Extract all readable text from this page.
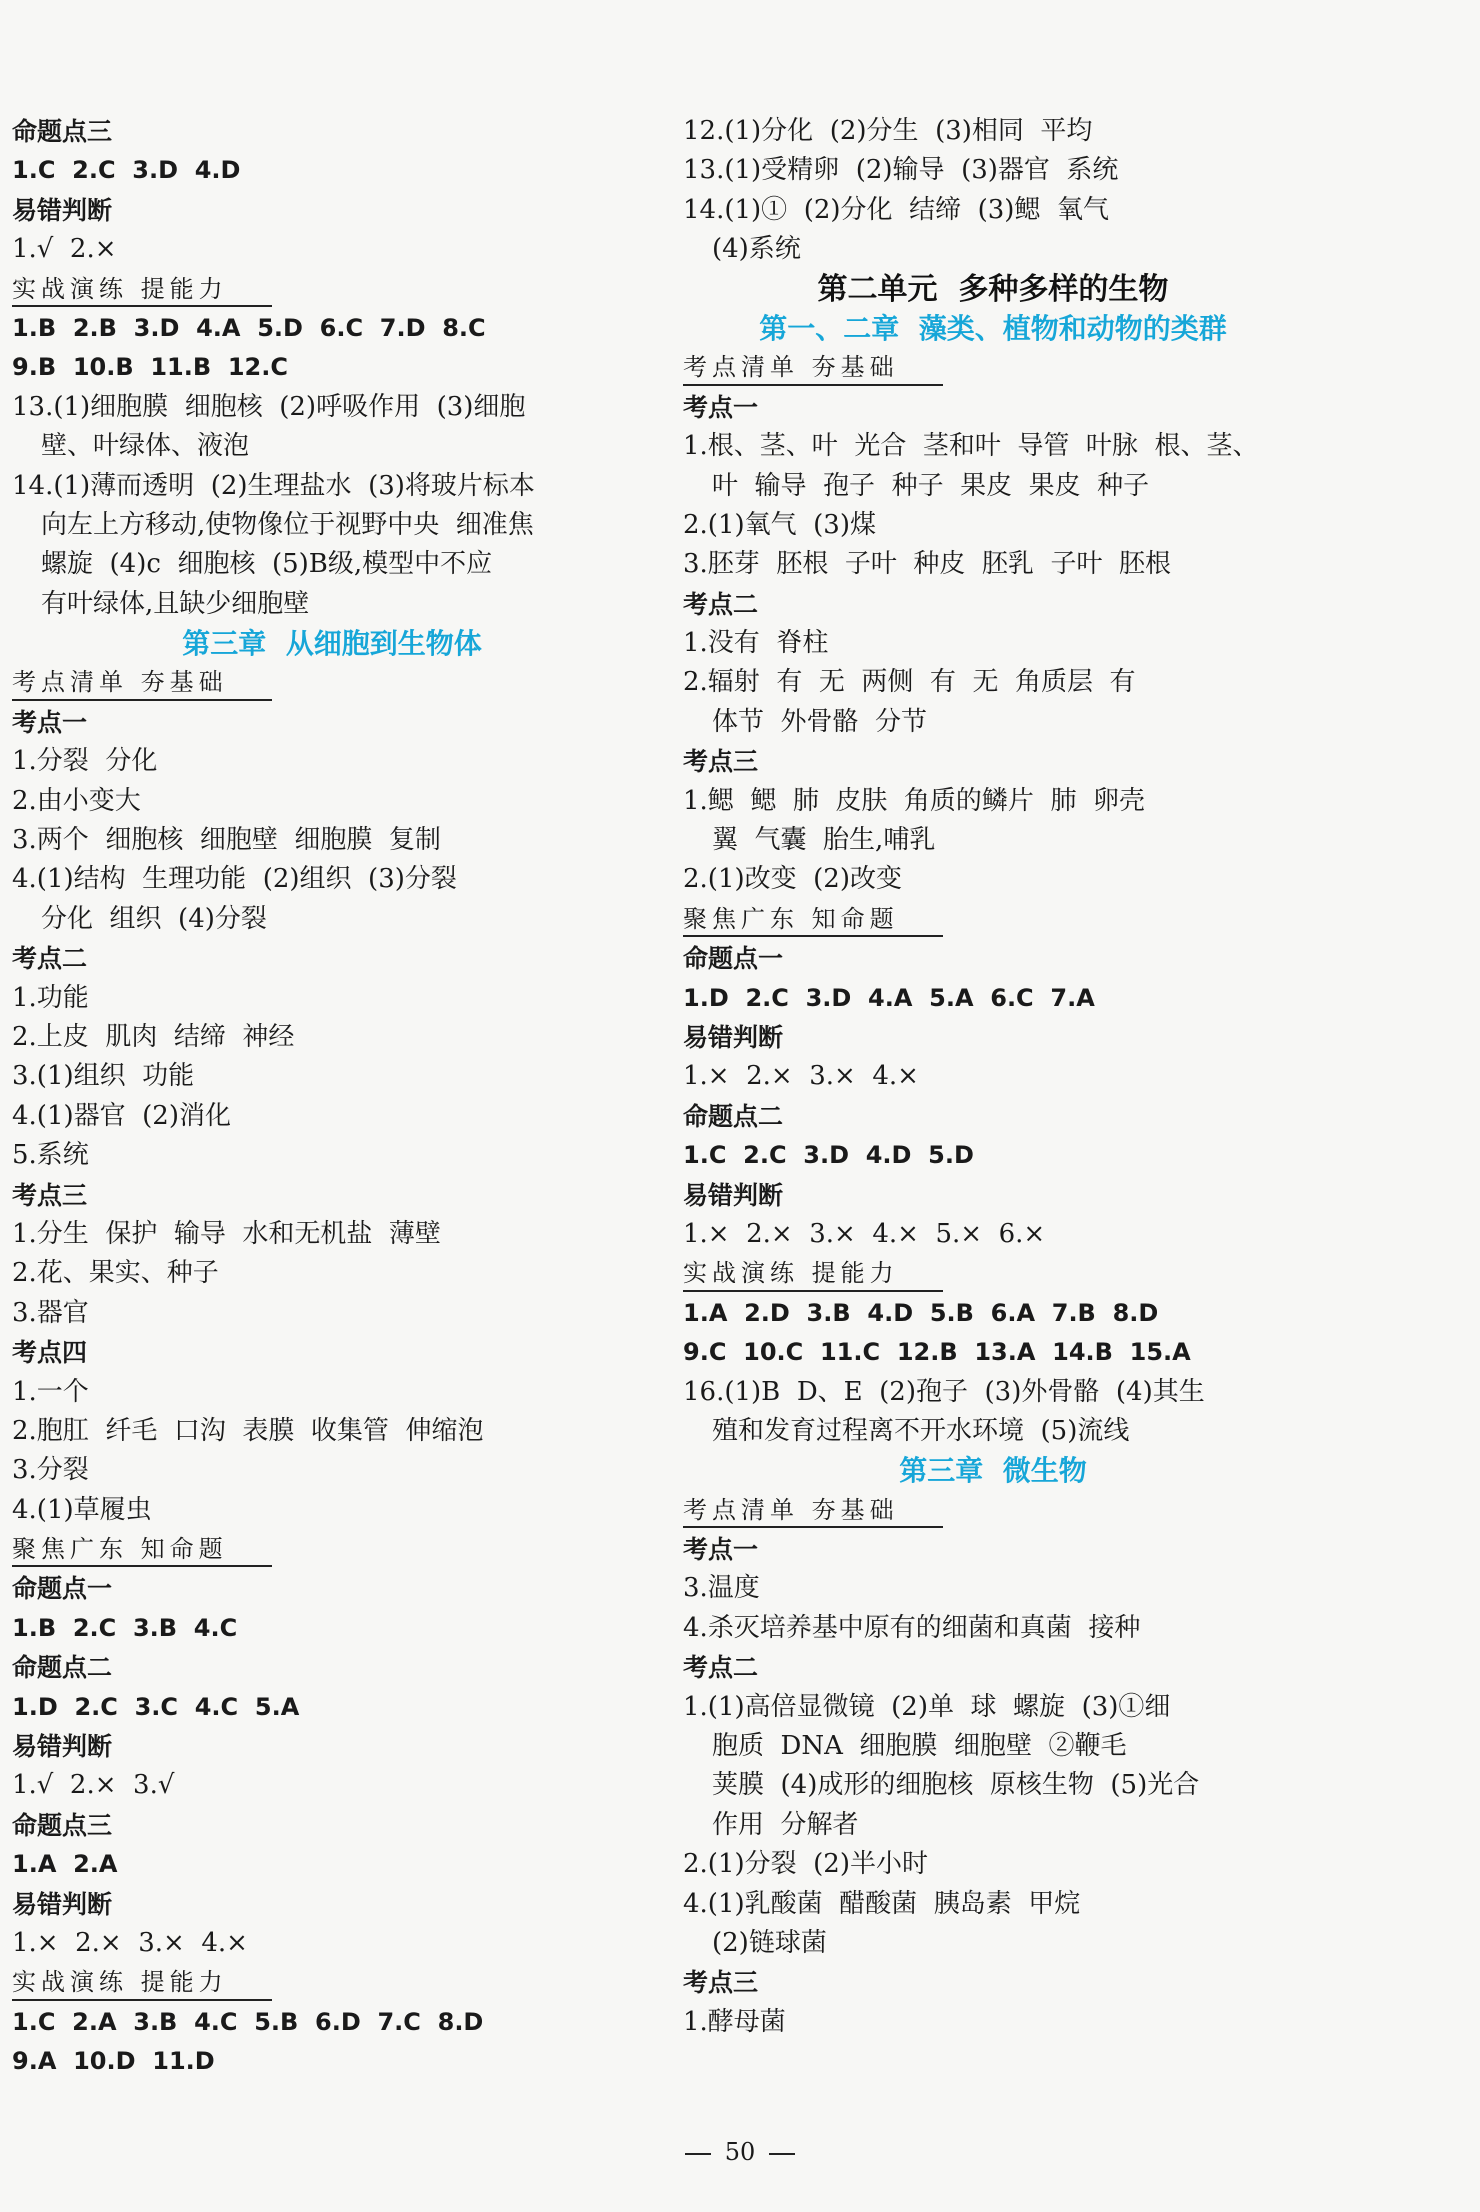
命题点三
1.C  2.C  3.D  4.D
易错判断
1.√  2.×
实战演练 提能力
1.B  2.B  3.D  4.A  5.D  6.C  7.D  8.C
9.B  10.B  11.B  12.C
13.(1)细胞膜  细胞核  (2)呼吸作用  (3)细胞
壁、叶绿体、液泡
14.(1)薄而透明  (2)生理盐水  (3)将玻片标本
向左上方移动,使物像位于视野中央  细准焦
螺旋  (4)c  细胞核  (5)B级,模型中不应
有叶绿体,且缺少细胞壁
第三章  从细胞到生物体
考点清单 夯基础
考点一
1.分裂  分化
2.由小变大
3.两个  细胞核  细胞壁  细胞膜  复制
4.(1)结构  生理功能  (2)组织  (3)分裂
分化  组织  (4)分裂
考点二
1.功能
2.上皮  肌肉  结缔  神经
3.(1)组织  功能
4.(1)器官  (2)消化
5.系统
考点三
1.分生  保护  输导  水和无机盐  薄壁
2.花、果实、种子
3.器官
考点四
1.一个
2.胞肛  纤毛  口沟  表膜  收集管  伸缩泡
3.分裂
4.(1)草履虫
聚焦广东 知命题
命题点一
1.B  2.C  3.B  4.C
命题点二
1.D  2.C  3.C  4.C  5.A
易错判断
1.√  2.×  3.√
命题点三
1.A  2.A
易错判断
1.×  2.×  3.×  4.×
实战演练 提能力
1.C  2.A  3.B  4.C  5.B  6.D  7.C  8.D
9.A  10.D  11.D
12.(1)分化  (2)分生  (3)相同  平均
13.(1)受精卵  (2)输导  (3)器官  系统
14.(1)①  (2)分化  结缔  (3)鳃  氧气
(4)系统
第二单元  多种多样的生物
第一、二章  藻类、植物和动物的类群
考点清单 夯基础
考点一
1.根、茎、叶  光合  茎和叶  导管  叶脉  根、茎、
叶  输导  孢子  种子  果皮  果皮  种子
2.(1)氧气  (3)煤
3.胚芽  胚根  子叶  种皮  胚乳  子叶  胚根
考点二
1.没有  脊柱
2.辐射  有  无  两侧  有  无  角质层  有
体节  外骨骼  分节
考点三
1.鳃  鳃  肺  皮肤  角质的鳞片  肺  卵壳
翼  气囊  胎生,哺乳
2.(1)改变  (2)改变
聚焦广东 知命题
命题点一
1.D  2.C  3.D  4.A  5.A  6.C  7.A
易错判断
1.×  2.×  3.×  4.×
命题点二
1.C  2.C  3.D  4.D  5.D
易错判断
1.×  2.×  3.×  4.×  5.×  6.×
实战演练 提能力
1.A  2.D  3.B  4.D  5.B  6.A  7.B  8.D
9.C  10.C  11.C  12.B  13.A  14.B  15.A
16.(1)B  D、E  (2)孢子  (3)外骨骼  (4)其生
殖和发育过程离不开水环境  (5)流线
第三章  微生物
考点清单 夯基础
考点一
3.温度
4.杀灭培养基中原有的细菌和真菌  接种
考点二
1.(1)高倍显微镜  (2)单  球  螺旋  (3)①细
胞质  DNA  细胞膜  细胞壁  ②鞭毛
荚膜  (4)成形的细胞核  原核生物  (5)光合
作用  分解者
2.(1)分裂  (2)半小时
4.(1)乳酸菌  醋酸菌  胰岛素  甲烷
(2)链球菌
考点三
1.酵母菌
50
